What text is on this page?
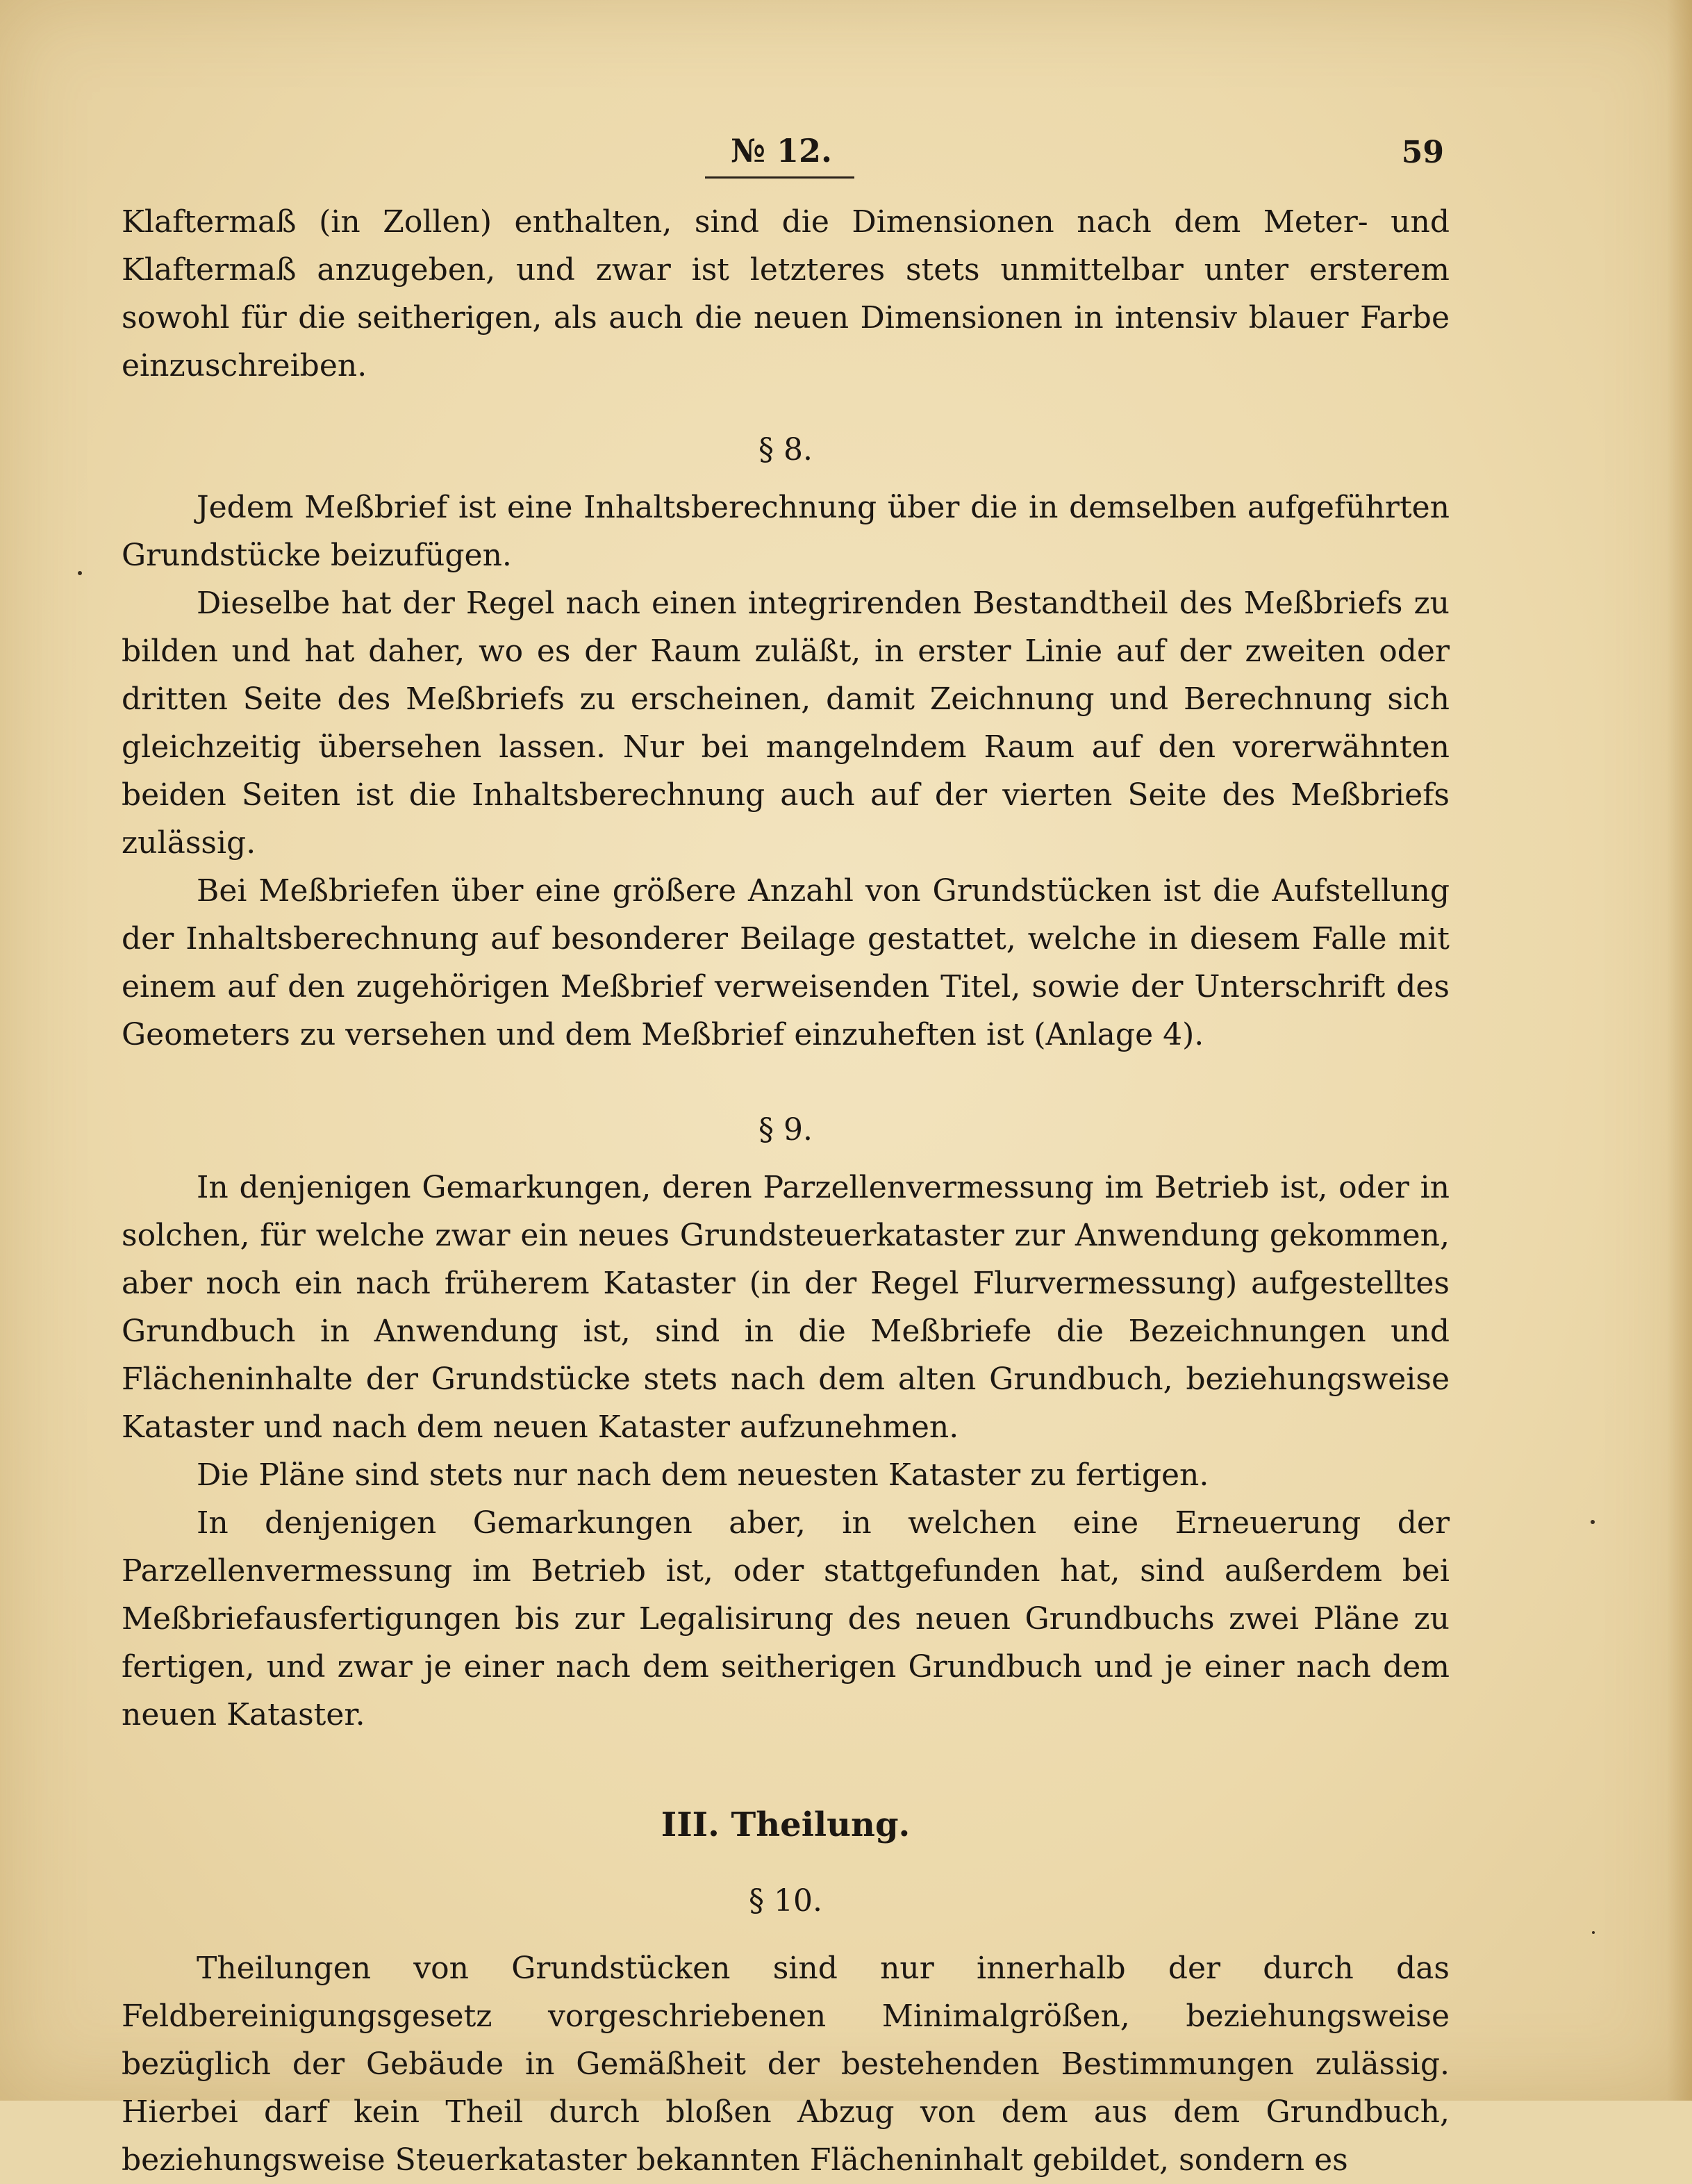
№ 12.	59

Klaftermaß (in Zollen) enthalten, sind die Dimensionen nach dem Meter- und Klaftermaß anzugeben, und zwar ist letzteres stets unmittelbar unter ersterem sowohl für die seitherigen, als auch die neuen Dimensionen in intensiv blauer Farbe einzuschreiben.

§ 8.

Jedem Meßbrief ist eine Inhaltsberechnung über die in demselben aufgeführten Grundstücke beizufügen.

Dieselbe hat der Regel nach einen integrirenden Bestandtheil des Meßbriefs zu bilden und hat daher, wo es der Raum zuläßt, in erster Linie auf der zweiten oder dritten Seite des Meßbriefs zu erscheinen, damit Zeichnung und Berechnung sich gleichzeitig übersehen lassen. Nur bei mangelndem Raum auf den vorerwähnten beiden Seiten ist die Inhaltsberechnung auch auf der vierten Seite des Meßbriefs zulässig.

Bei Meßbriefen über eine größere Anzahl von Grundstücken ist die Aufstellung der Inhaltsberechnung auf besonderer Beilage gestattet, welche in diesem Falle mit einem auf den zugehörigen Meßbrief verweisenden Titel, sowie der Unterschrift des Geometers zu versehen und dem Meßbrief einzuheften ist (Anlage 4).

§ 9.

In denjenigen Gemarkungen, deren Parzellenvermessung im Betrieb ist, oder in solchen, für welche zwar ein neues Grundsteuerkataster zur Anwendung gekommen, aber noch ein nach früherem Kataster (in der Regel Flurvermessung) aufgestelltes Grundbuch in Anwendung ist, sind in die Meßbriefe die Bezeichnungen und Flächeninhalte der Grundstücke stets nach dem alten Grundbuch, beziehungsweise Kataster und nach dem neuen Kataster aufzunehmen.

Die Pläne sind stets nur nach dem neuesten Kataster zu fertigen.

In denjenigen Gemarkungen aber, in welchen eine Erneuerung der Parzellenvermessung im Betrieb ist, oder stattgefunden hat, sind außerdem bei Meßbriefausfertigungen bis zur Legalisirung des neuen Grundbuchs zwei Pläne zu fertigen, und zwar je einer nach dem seitherigen Grundbuch und je einer nach dem neuen Kataster.

III. Theilung.
§ 10.

Theilungen von Grundstücken sind nur innerhalb der durch das Feldbereinigungsgesetz vorgeschriebenen Minimalgrößen, beziehungsweise bezüglich der Gebäude in Gemäßheit der bestehenden Bestimmungen zulässig. Hierbei darf kein Theil durch bloßen Abzug von dem aus dem Grundbuch, beziehungsweise Steuerkataster bekannten Flächeninhalt gebildet, sondern es
